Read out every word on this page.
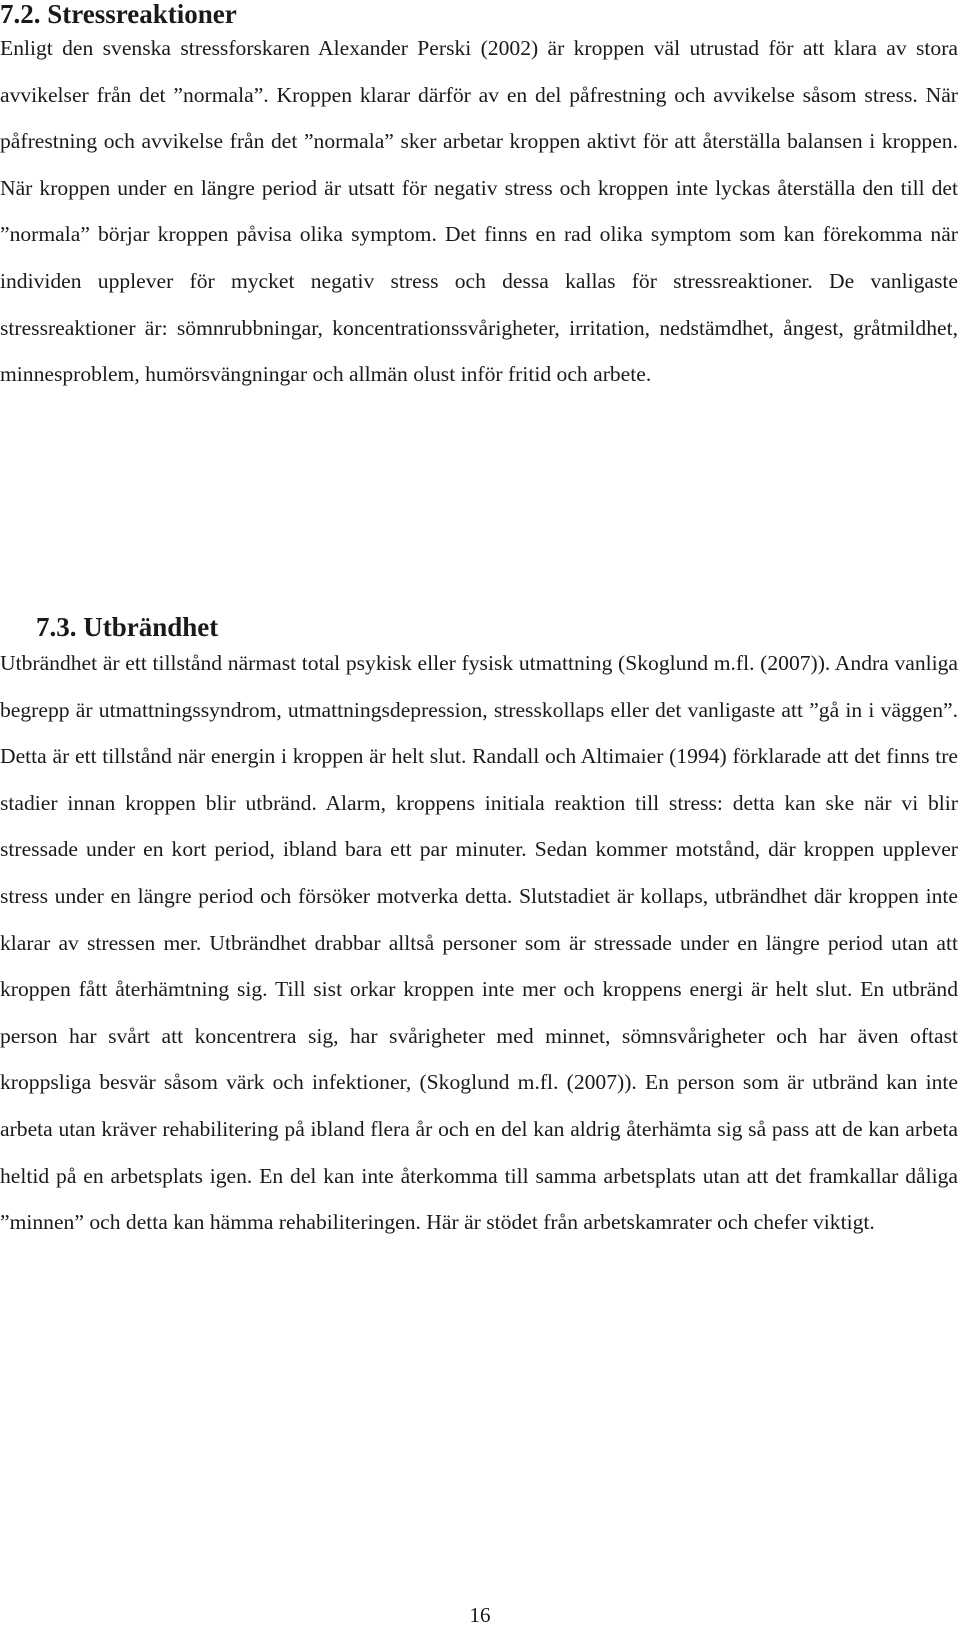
7.2. Stressreaktioner

Enligt den svenska stressforskaren Alexander Perski (2002) är kroppen väl utrustad för att klara av stora avvikelser från det ”normala”. Kroppen klarar därför av en del påfrestning och avvikelse såsom stress. När påfrestning och avvikelse från det ”normala” sker arbetar kroppen aktivt för att återställa balansen i kroppen. När kroppen under en längre period är utsatt för negativ stress och kroppen inte lyckas återställa den till det ”normala” börjar kroppen påvisa olika symptom. Det finns en rad olika symptom som kan förekomma när individen upplever för mycket negativ stress och dessa kallas för stressreaktioner. De vanligaste stressreaktioner är: sömnrubbningar, koncentrationssvårigheter, irritation, nedstämdhet, ångest, gråtmildhet, minnesproblem, humörsvängningar och allmän olust inför fritid och arbete.

7.3. Utbrändhet

Utbrändhet är ett tillstånd närmast total psykisk eller fysisk utmattning (Skoglund m.fl. (2007)). Andra vanliga begrepp är utmattningssyndrom, utmattningsdepression, stresskollaps eller det vanligaste att ”gå in i väggen”. Detta är ett tillstånd när energin i kroppen är helt slut. Randall och Altimaier (1994) förklarade att det finns tre stadier innan kroppen blir utbränd. Alarm, kroppens initiala reaktion till stress: detta kan ske när vi blir stressade under en kort period, ibland bara ett par minuter. Sedan kommer motstånd, där kroppen upplever stress under en längre period och försöker motverka detta. Slutstadiet är kollaps, utbrändhet där kroppen inte klarar av stressen mer. Utbrändhet drabbar alltså personer som är stressade under en längre period utan att kroppen fått återhämtning sig. Till sist orkar kroppen inte mer och kroppens energi är helt slut. En utbränd person har svårt att koncentrera sig, har svårigheter med minnet, sömnsvårigheter och har även oftast kroppsliga besvär såsom värk och infektioner, (Skoglund m.fl. (2007)). En person som är utbränd kan inte arbeta utan kräver rehabilitering på ibland flera år och en del kan aldrig återhämta sig så pass att de kan arbeta heltid på en arbetsplats igen. En del kan inte återkomma till samma arbetsplats utan att det framkallar dåliga ”minnen” och detta kan hämma rehabiliteringen. Här är stödet från arbetskamrater och chefer viktigt.

16
